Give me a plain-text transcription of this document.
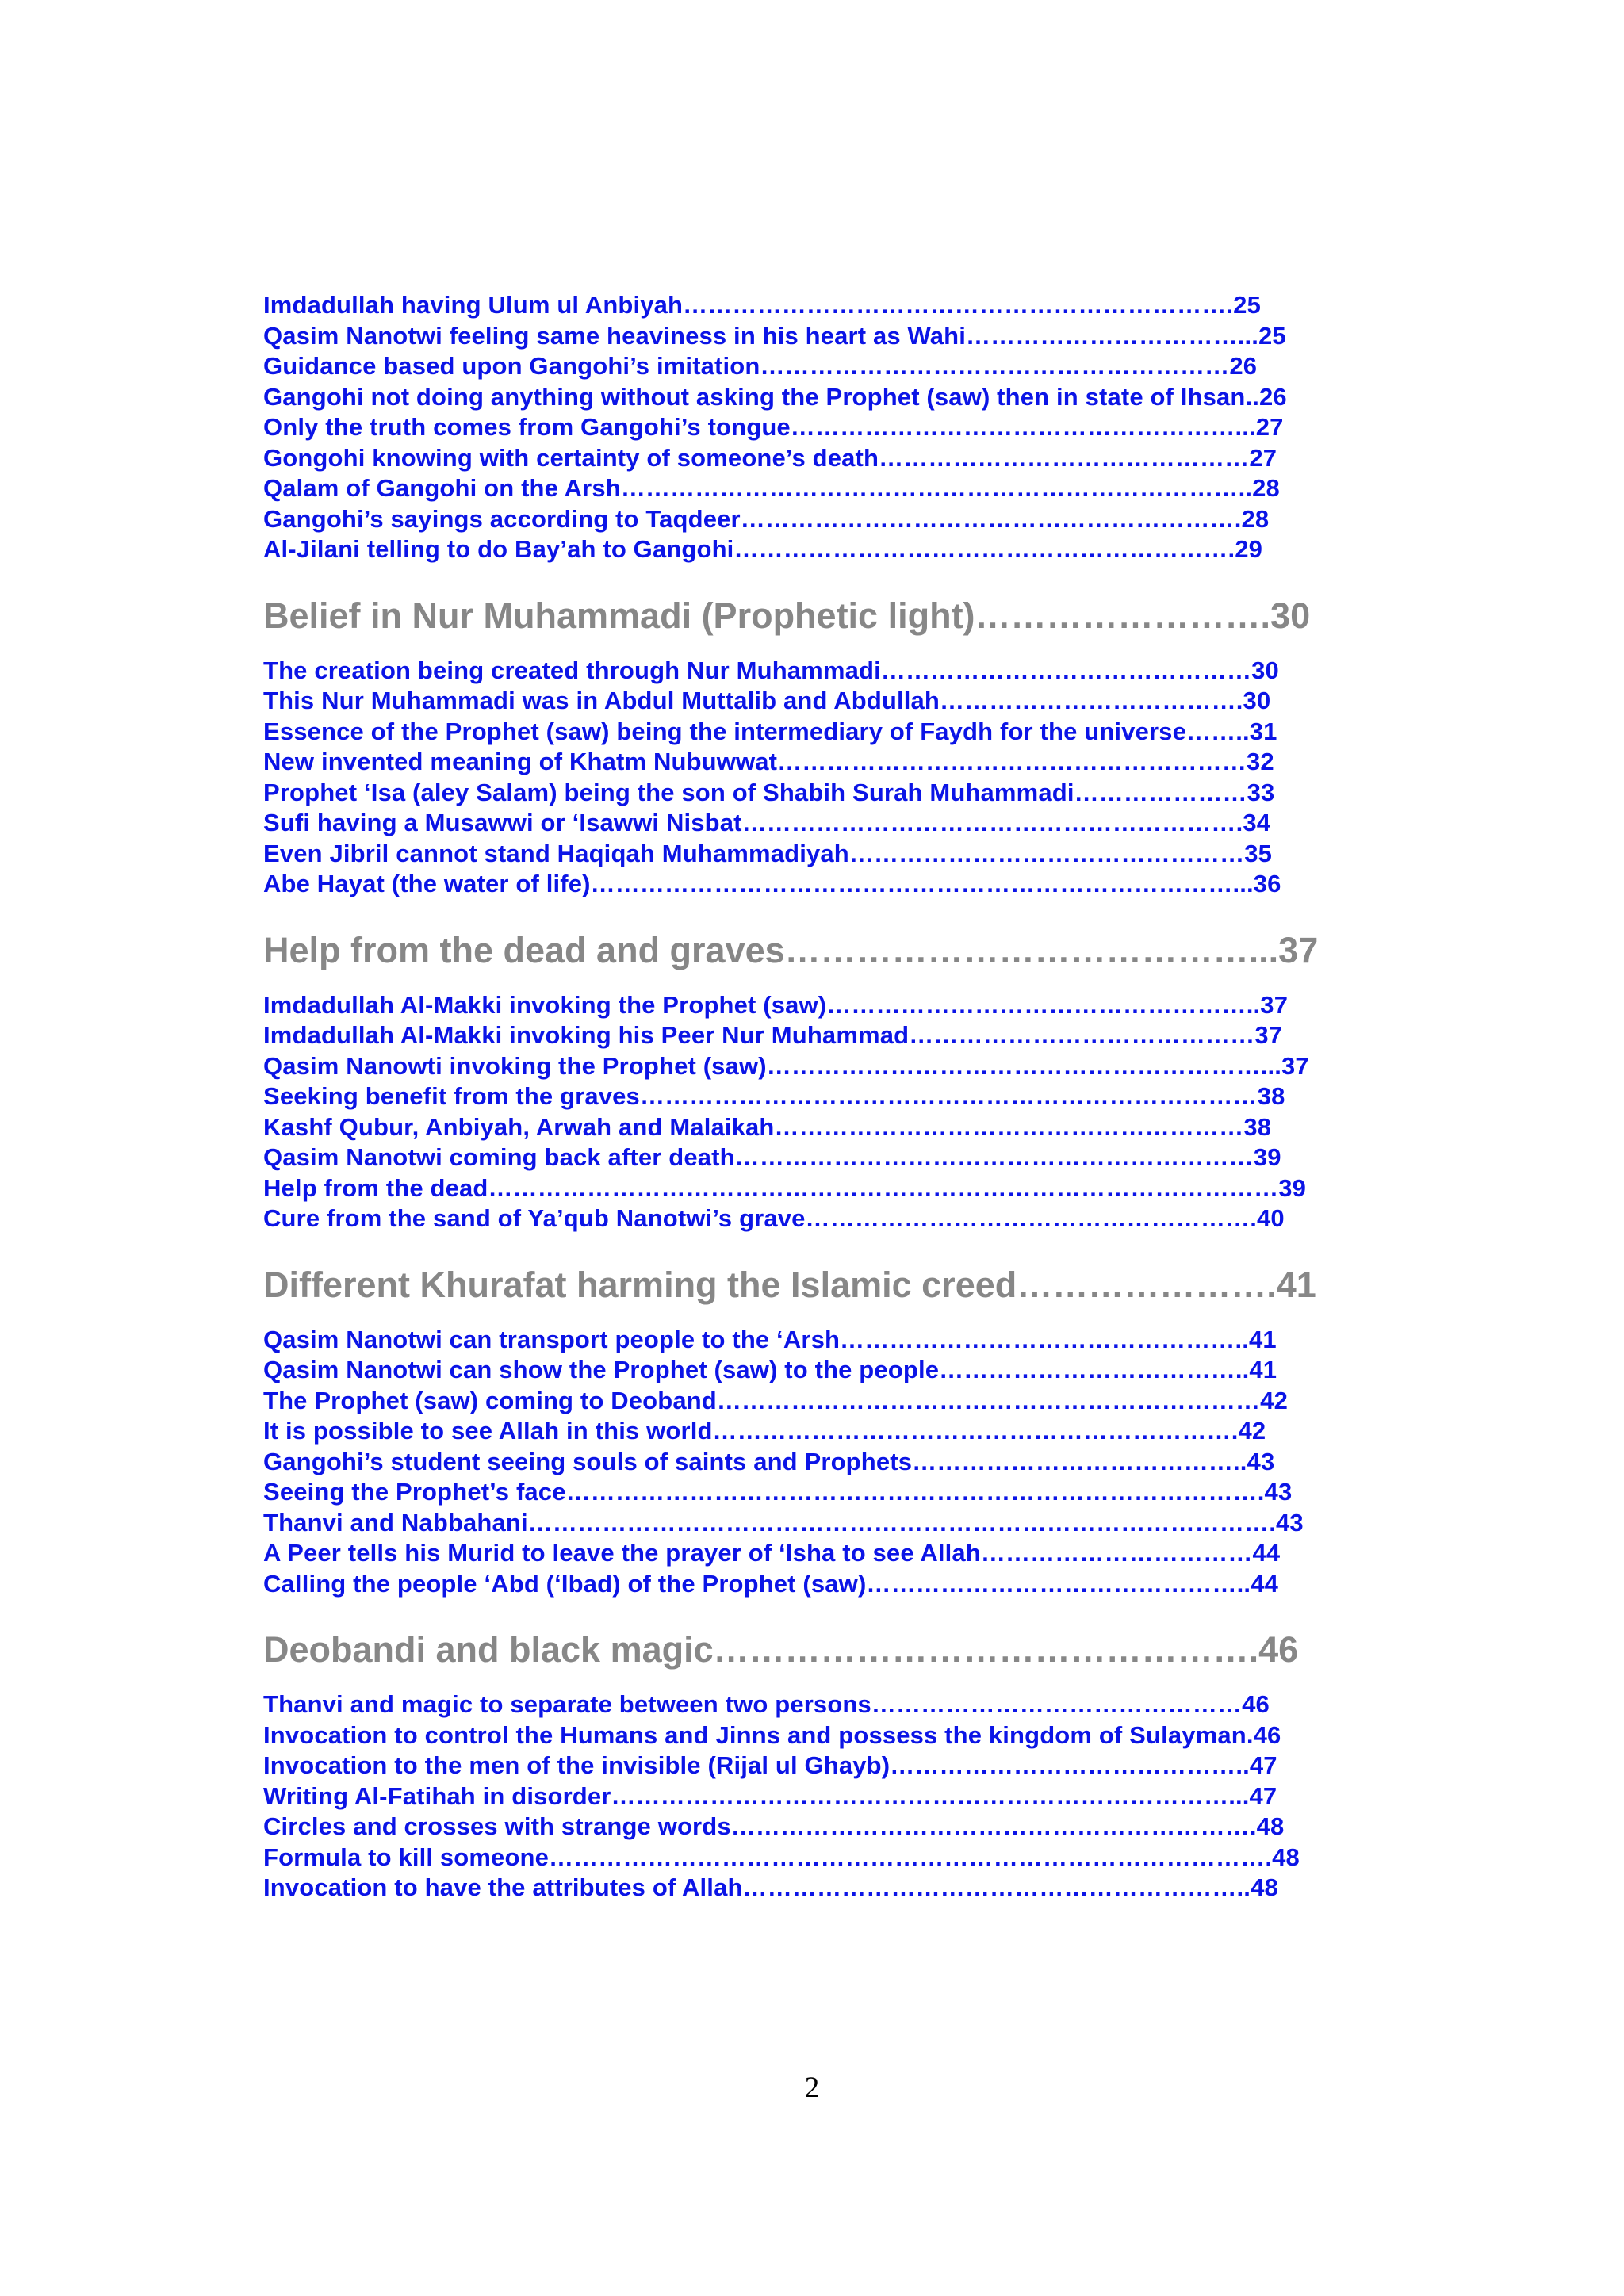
Imdadullah having Ulum ul Anbiyah………………………………………………………….25
Qasim Nanotwi feeling same heaviness in his heart as Wahi……………………………...25
Guidance based upon Gangohi’s imitation…………………………………………………26
Gangohi not doing anything without asking the Prophet (saw) then in state of Ihsan..26
Only the truth comes from Gangohi’s tongue………………………………………………...27
Gongohi knowing with certainty of someone’s death………………………………………27
Qalam of Gangohi on the Arsh…………………………………………………………………..28
Gangohi’s sayings according to Taqdeer…………………………………………………….28
Al-Jilani telling to do Bay’ah to Gangohi…………………………………………………….29
Belief in Nur Muhammadi (Prophetic light)…………………….30
The creation being created through Nur Muhammadi………………………………………30
This Nur Muhammadi was in Abdul Muttalib and Abdullah……………………………….30
Essence of the Prophet (saw) being the intermediary of Faydh for the universe……..31
New invented meaning of Khatm Nubuwwat…………………………………………………32
Prophet ‘Isa (aley Salam) being the son of Shabih Surah Muhammadi…………………33
Sufi having a Musawwi or ‘Isawwi Nisbat…………………………………………………….34
Even Jibril cannot stand Haqiqah Muhammadiyah…………………………………………35
Abe Hayat (the water of life)……………………………………………………………………...36
Help from the dead and graves…………………………………...37
Imdadullah Al-Makki invoking the Prophet (saw)……………………………………………..37
Imdadullah Al-Makki invoking his Peer Nur Muhammad……………………………………37
Qasim Nanowti invoking the Prophet (saw)……………………………………………………...37
Seeking benefit from the graves…………………………………………………………………38
Kashf Qubur, Anbiyah, Arwah and Malaikah…………………………………………………38
Qasim Nanotwi coming back after death………………………………………………………39
Help from the dead……………………………………………………………………………………39
Cure from the sand of Ya’qub Nanotwi’s grave……………………………………………….40
Different Khurafat harming the Islamic creed………………….41
Qasim Nanotwi can transport people to the ‘Arsh…………………………………………..41
Qasim Nanotwi can show the Prophet (saw) to the people………………………………..41
The Prophet (saw) coming to Deoband…………………………………………………………42
It is possible to see Allah in this world……………………………………………………….42
Gangohi’s student seeing souls of saints and Prophets…………………………………..43
Seeing the Prophet’s face………………………………………………………………………….43
Thanvi and Nabbahani……………………………………………………………………………….43
A Peer tells his Murid to leave the prayer of ‘Isha to see Allah……………………………44
Calling the people ‘Abd (‘Ibad) of the Prophet (saw)………………………………………..44
Deobandi and black magic……………………………………….46
Thanvi and magic to separate between two persons………………………………………46
Invocation to control the Humans and Jinns and possess the kingdom of Sulayman.46
Invocation to the men of the invisible (Rijal ul Ghayb)……………………………………..47
Writing Al-Fatihah in disorder…………………………………………………………………...47
Circles and crosses with strange words……………………………………………………….48
Formula to kill someone…………………………………………………………………………….48
Invocation to have the attributes of Allah……………………………………………………..48
2
